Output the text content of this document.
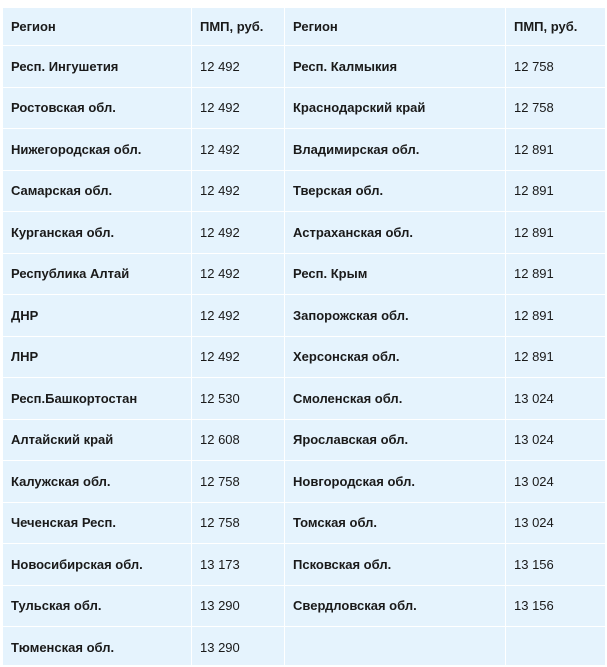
Регион	ПМП, руб.	Регион	ПМП, руб.
Респ. Ингушетия	12 492	Респ. Калмыкия	12 758
Ростовская обл.	12 492	Краснодарский край	12 758
Нижегородская обл.	12 492	Владимирская обл.	12 891
Самарская обл.	12 492	Тверская обл.	12 891
Курганская обл.	12 492	Астраханская обл.	12 891
Республика Алтай	12 492	Респ. Крым	12 891
ДНР	12 492	Запорожская обл.	12 891
ЛНР	12 492	Херсонская обл.	12 891
Респ.Башкортостан	12 530	Смоленская обл.	13 024
Алтайский край	12 608	Ярославская обл.	13 024
Калужская обл.	12 758	Новгородская обл.	13 024
Чеченская Респ.	12 758	Томская обл.	13 024
Новосибирская обл.	13 173	Псковская обл.	13 156
Тульская обл.	13 290	Свердловская обл.	13 156
Тюменская обл.	13 290		
